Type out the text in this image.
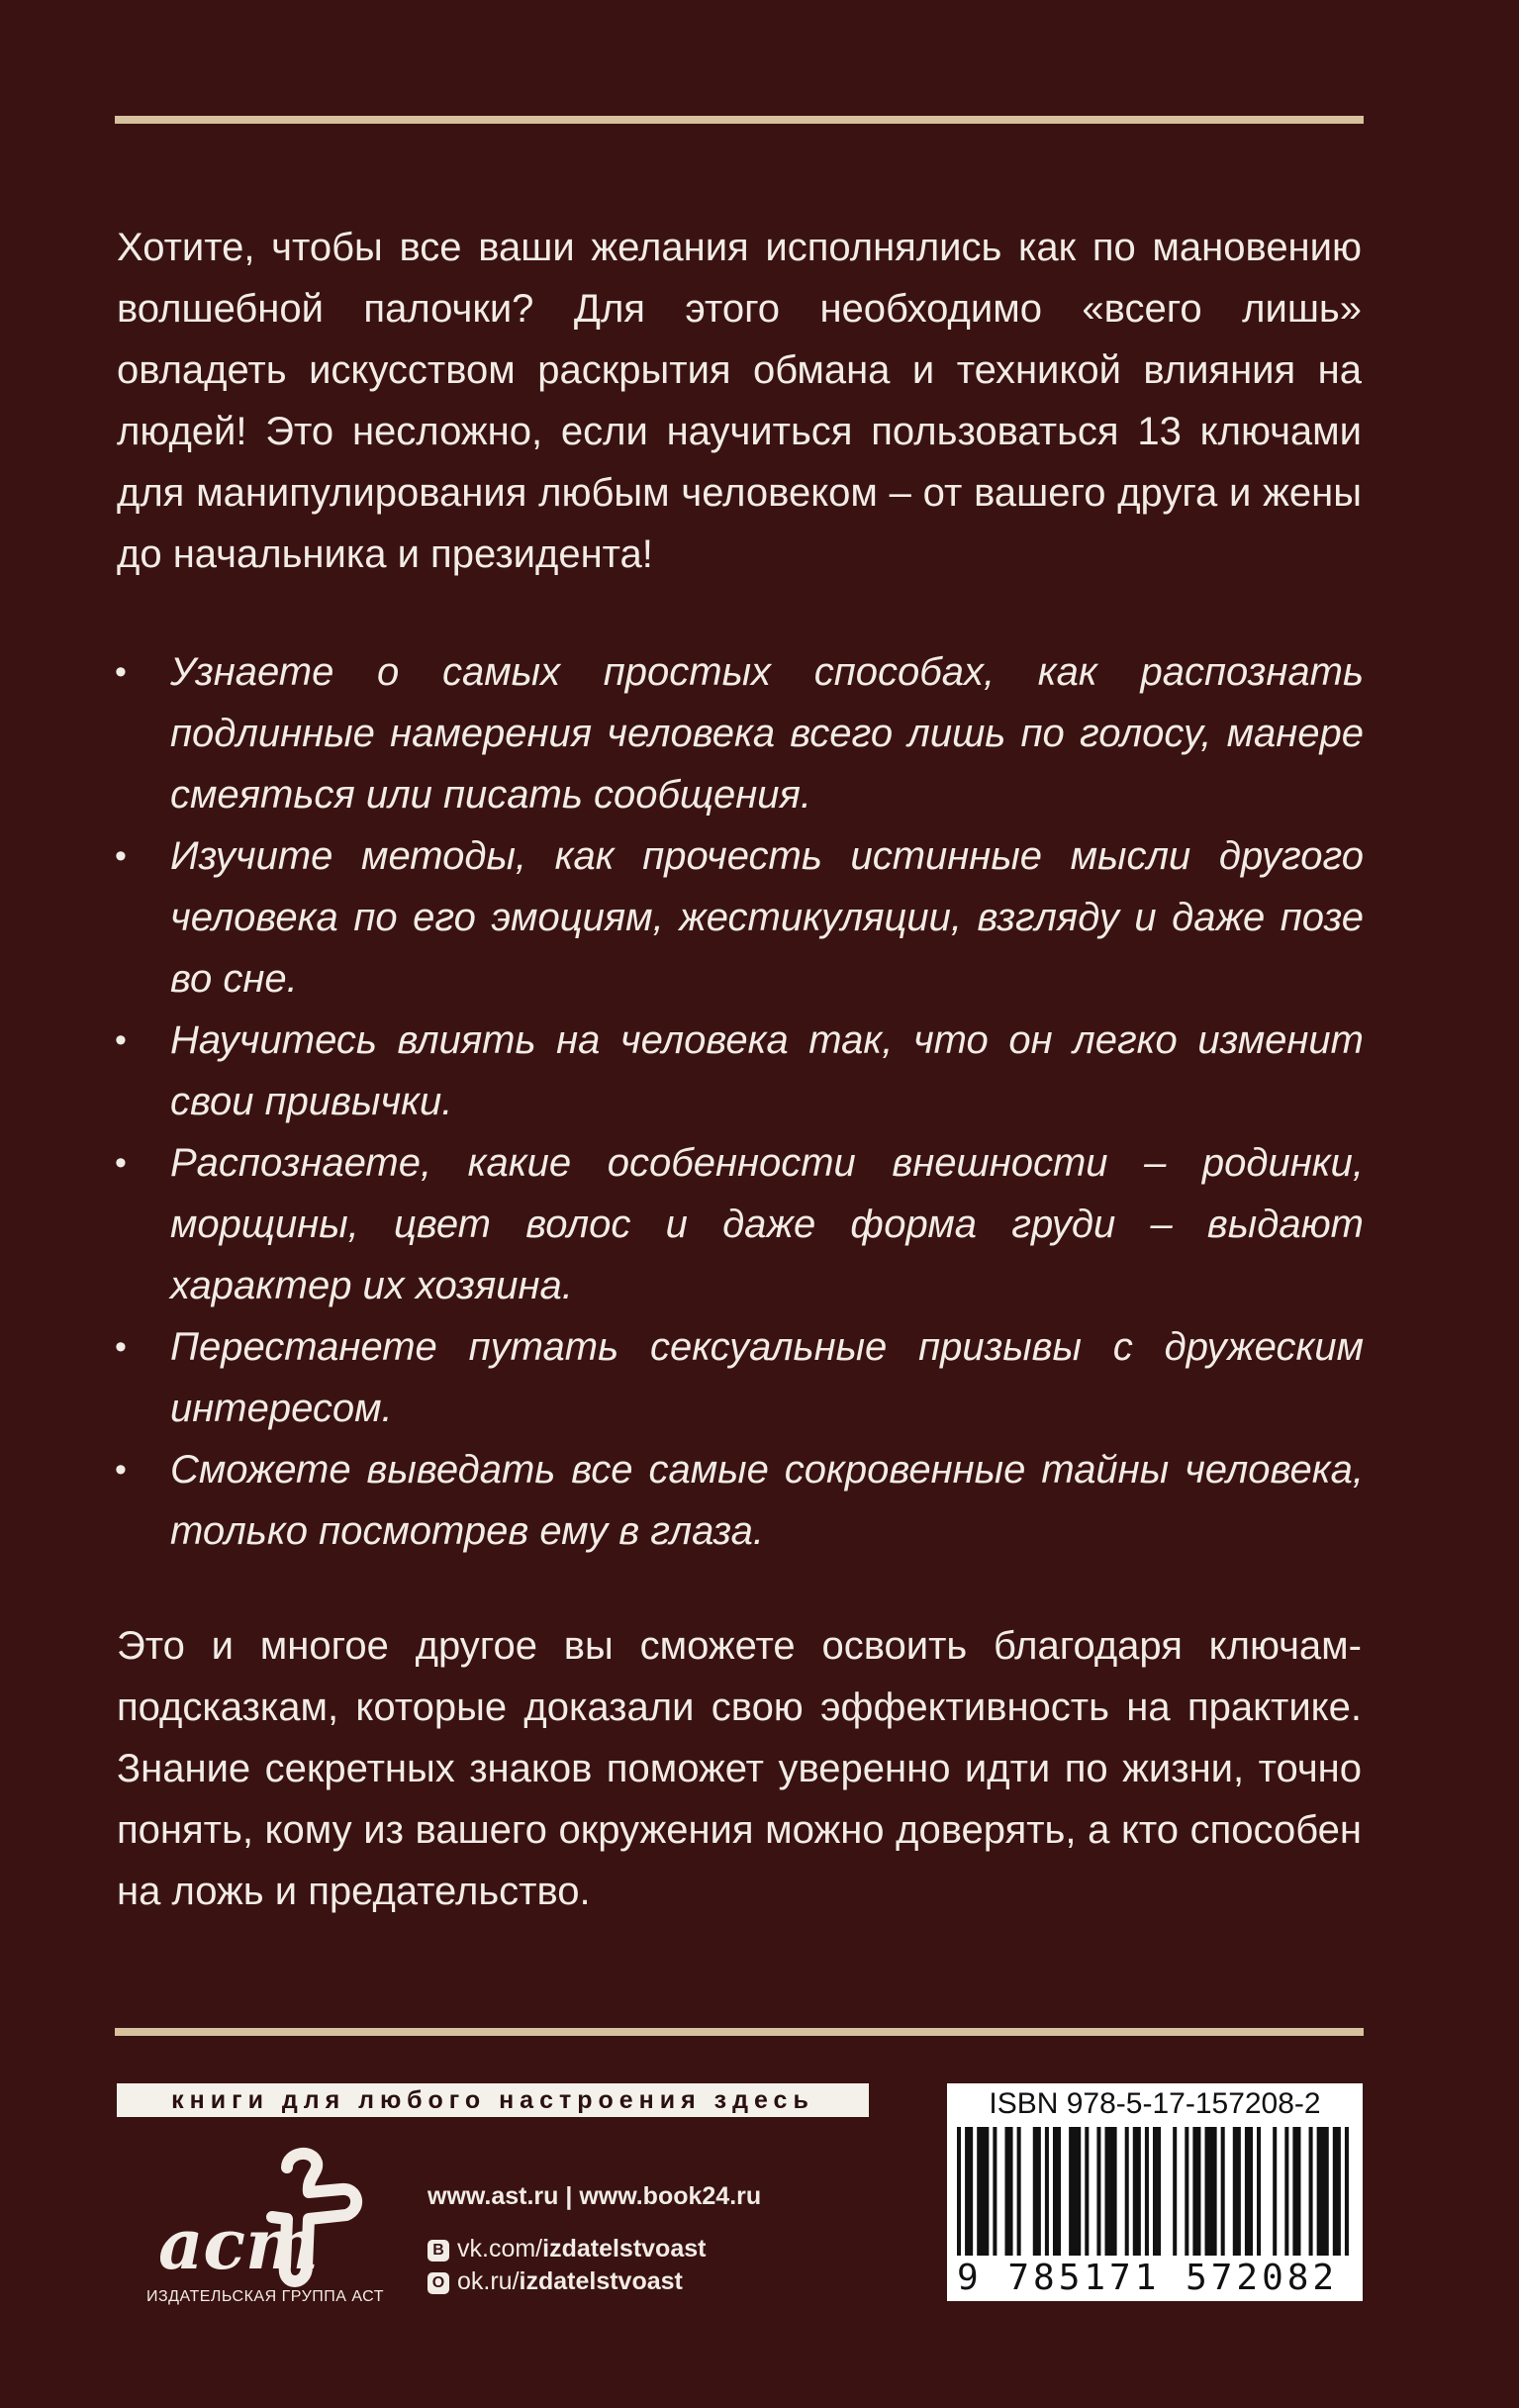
Хотите, чтобы все ваши желания исполнялись как по мановению волшебной палочки? Для этого необходимо «всего лишь» овладеть искусством раскрытия обмана и техникой влияния на людей! Это несложно, если научиться пользоваться 13 ключами для манипулирования любым человеком – от вашего друга и жены до начальника и президента!

• Узнаете о самых простых способах, как распознать подлинные намерения человека всего лишь по голосу, манере смеяться или писать сообщения.
• Изучите методы, как прочесть истинные мысли другого человека по его эмоциям, жестикуляции, взгляду и даже позе во сне.
• Научитесь влиять на человека так, что он легко изменит свои привычки.
• Распознаете, какие особенности внешности – родинки, морщины, цвет волос и даже форма груди – выдают характер их хозяина.
• Перестанете путать сексуальные призывы с дружеским интересом.
• Сможете выведать все самые сокровенные тайны человека, только посмотрев ему в глаза.

Это и многое другое вы сможете освоить благодаря ключам-подсказкам, которые доказали свою эффективность на практике. Знание секретных знаков поможет уверенно идти по жизни, точно понять, кому из вашего окружения можно доверять, а кто способен на ложь и предательство.

книги для любого настроения здесь
аст
ИЗДАТЕЛЬСКАЯ ГРУППА АСТ
www.ast.ru | www.book24.ru
В vk.com/izdatelstvoast
О ok.ru/izdatelstvoast
ISBN 978-5-17-157208-2
9 785171 572082
